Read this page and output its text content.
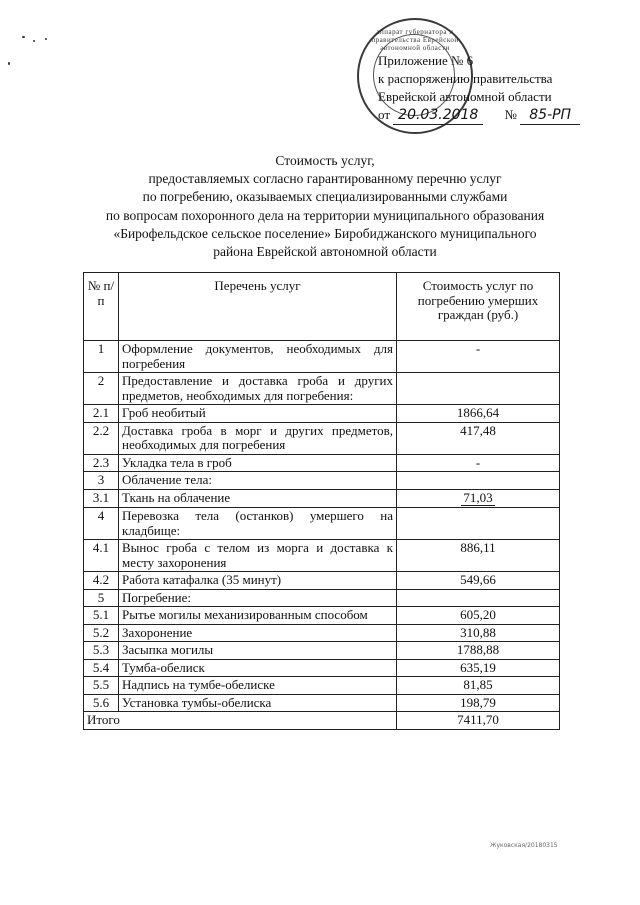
аппарат губернатора и правительства Еврейской автономной области
Приложение № 6
к распоряжению правительства
Еврейской автономной области
от 20.03.2018 № 85-РП
Стоимость услуг,
предоставляемых согласно гарантированному перечню услуг
по погребению, оказываемых специализированными службами
по вопросам похоронного дела на территории муниципального образования
«Бирофельдское сельское поселение» Биробиджанского муниципального
района Еврейской автономной области
№ п/п	Перечень услуг	Стоимость услуг по погребению умерших граждан (руб.)
1	Оформление документов, необходимых для погребения	-
2	Предоставление и доставка гроба и других предметов, необходимых для погребения:	
2.1	Гроб необитый	1866,64
2.2	Доставка гроба в морг и других предметов, необходимых для погребения	417,48
2.3	Укладка тела в гроб	-
3	Облачение тела:	
3.1	Ткань на облачение	71,03
4	Перевозка тела (останков) умершего на кладбище:	
4.1	Вынос гроба с телом из морга и доставка к месту захоронения	886,11
4.2	Работа катафалка (35 минут)	549,66
5	Погребение:	
5.1	Рытье могилы механизированным способом	605,20
5.2	Захоронение	310,88
5.3	Засыпка могилы	1788,88
5.4	Тумба-обелиск	635,19
5.5	Надпись на тумбе-обелиске	81,85
5.6	Установка тумбы-обелиска	198,79
Итого		7411,70
Жуковская/20180315
